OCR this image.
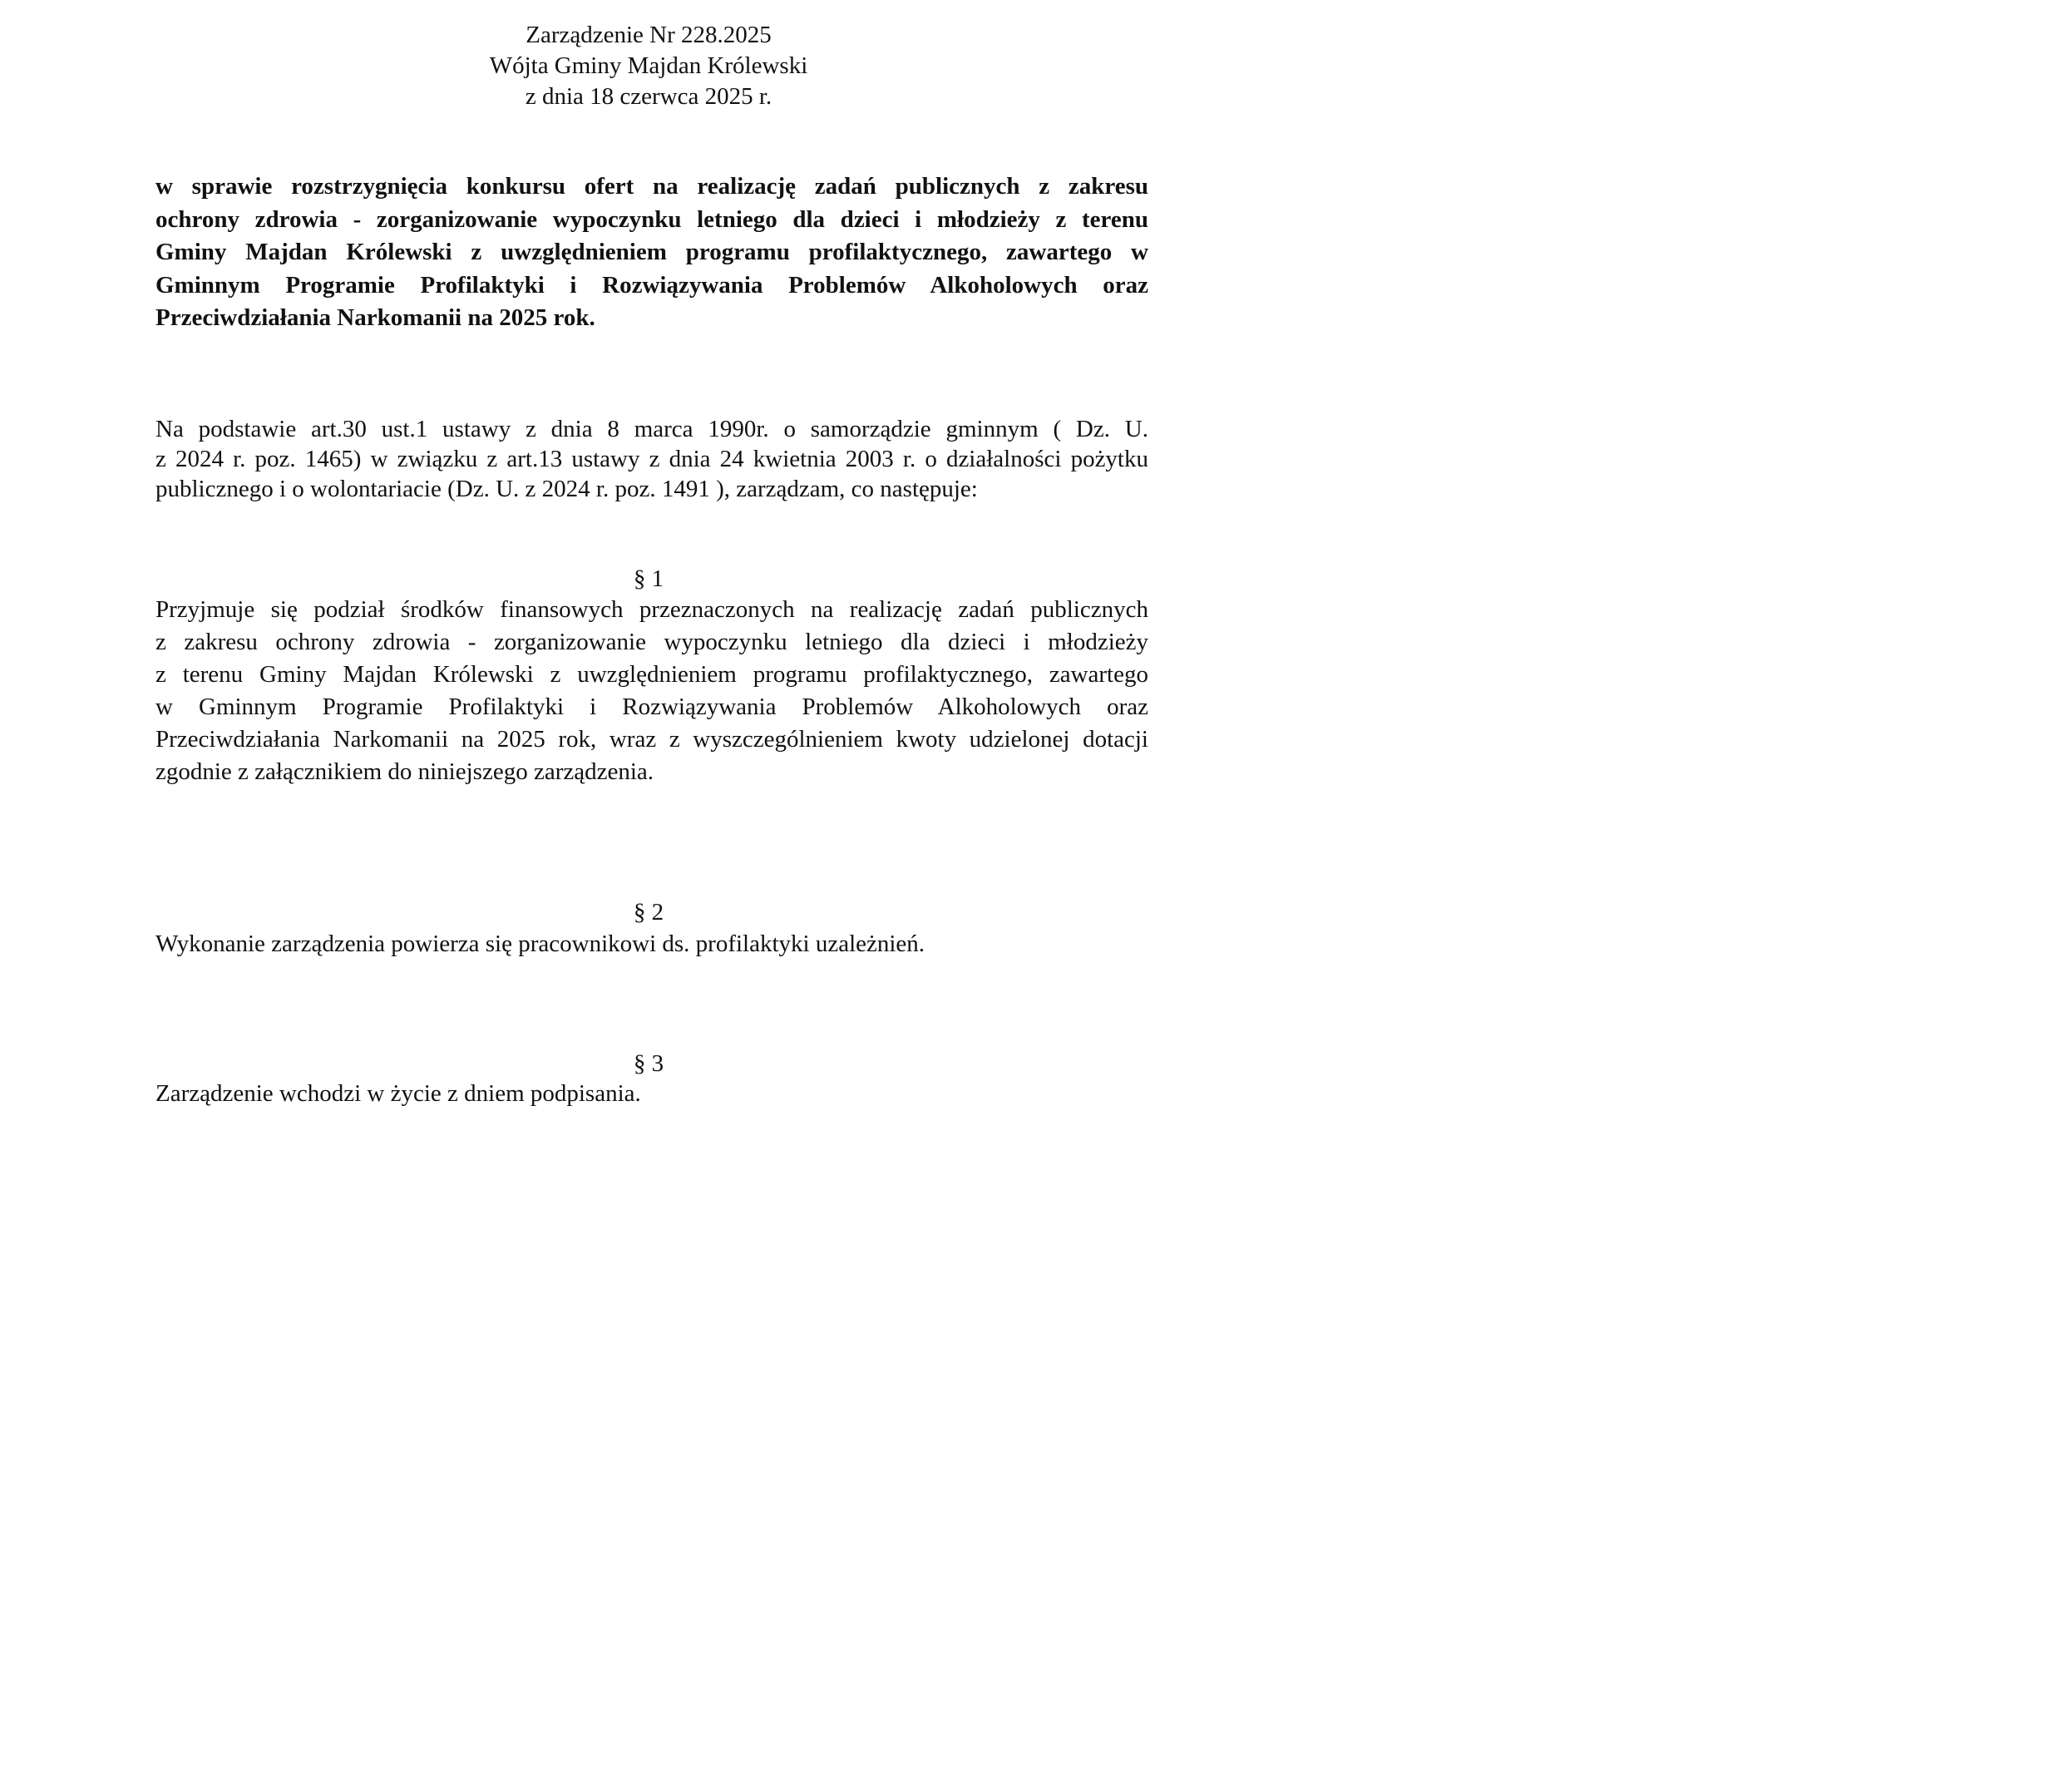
Zarządzenie Nr 228.2025
Wójta Gminy Majdan Królewski
z dnia 18 czerwca 2025 r.
w sprawie rozstrzygnięcia konkursu ofert na realizację zadań publicznych z zakresu
ochrony zdrowia - zorganizowanie wypoczynku letniego dla dzieci i młodzieży z terenu
Gminy Majdan Królewski z uwzględnieniem programu profilaktycznego, zawartego w
Gminnym Programie Profilaktyki i Rozwiązywania Problemów Alkoholowych oraz
Przeciwdziałania Narkomanii na 2025 rok.
Na podstawie art.30 ust.1 ustawy z dnia 8 marca 1990r. o samorządzie gminnym ( Dz. U.
z 2024 r. poz. 1465) w związku z art.13 ustawy z dnia 24 kwietnia 2003 r. o działalności pożytku
publicznego i o wolontariacie (Dz. U. z 2024 r. poz. 1491 ), zarządzam, co następuje:
§ 1
Przyjmuje się podział środków finansowych przeznaczonych na realizację zadań publicznych
z zakresu ochrony zdrowia - zorganizowanie wypoczynku letniego dla dzieci i młodzieży
z terenu Gminy Majdan Królewski z uwzględnieniem programu profilaktycznego, zawartego
w Gminnym Programie Profilaktyki i Rozwiązywania Problemów Alkoholowych oraz
Przeciwdziałania Narkomanii na 2025 rok, wraz z wyszczególnieniem kwoty udzielonej dotacji
zgodnie z załącznikiem do niniejszego zarządzenia.
§ 2
Wykonanie zarządzenia powierza się pracownikowi ds. profilaktyki uzależnień.
§ 3
Zarządzenie wchodzi w życie z dniem podpisania.
